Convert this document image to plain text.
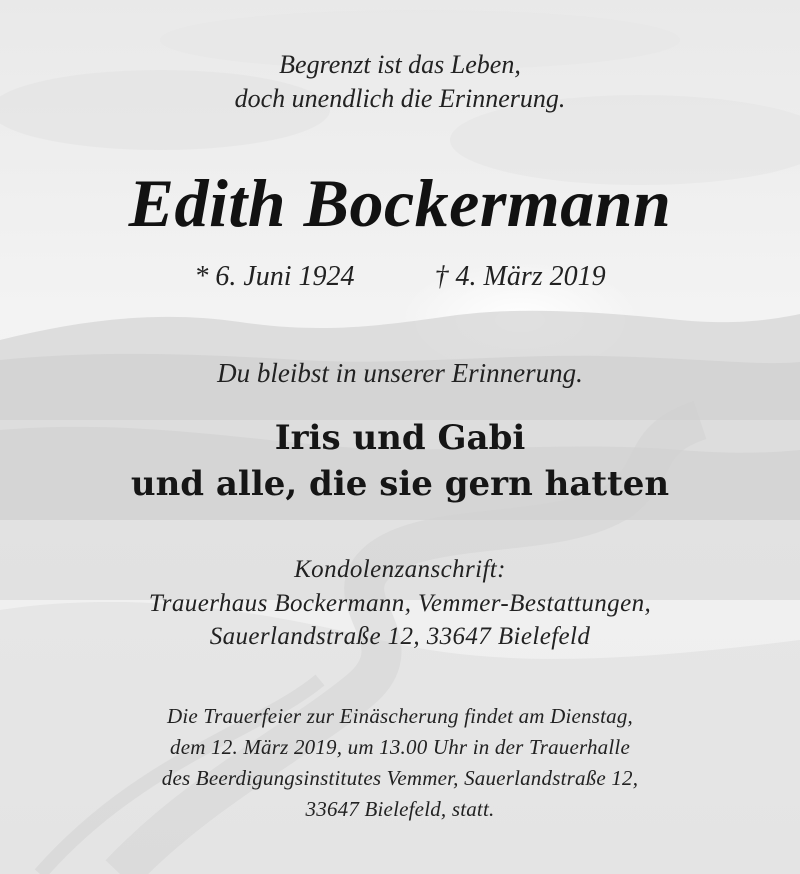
Begrenzt ist das Leben,
doch unendlich die Erinnerung.
Edith Bockermann
* 6. Juni 1924	† 4. März 2019
Du bleibst in unserer Erinnerung.
Iris und Gabi
und alle, die sie gern hatten
Kondolenzanschrift:
Trauerhaus Bockermann, Vemmer-Bestattungen,
Sauerlandstraße 12, 33647 Bielefeld
Die Trauerfeier zur Einäscherung findet am Dienstag,
dem 12. März 2019, um 13.00 Uhr in der Trauerhalle
des Beerdigungsinstitutes Vemmer, Sauerlandstraße 12,
33647 Bielefeld, statt.
